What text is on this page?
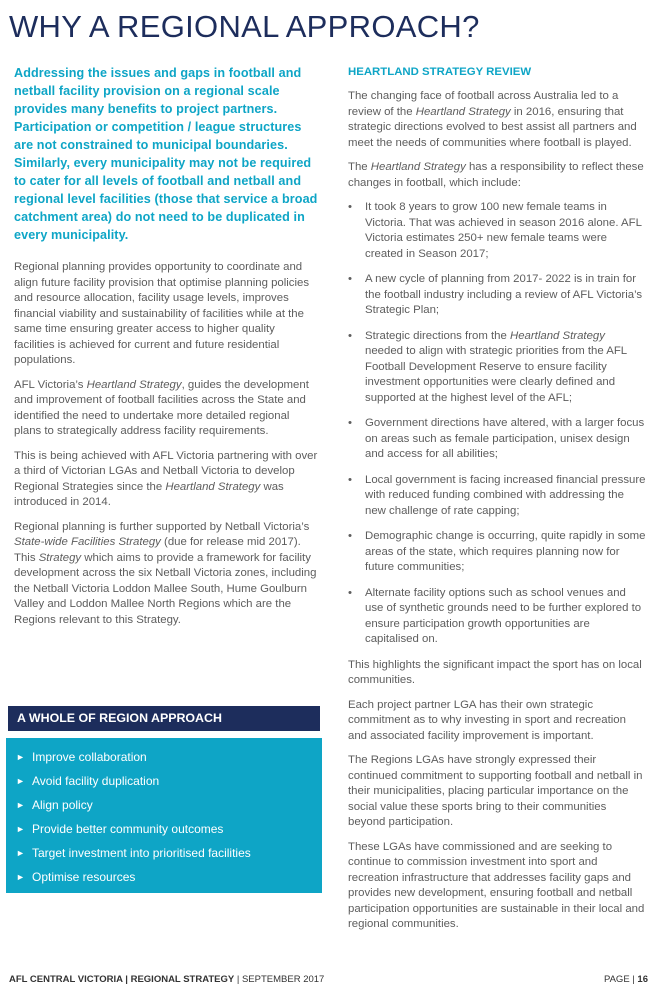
WHY A REGIONAL APPROACH?

Addressing the issues and gaps in football and netball facility provision on a regional scale provides many benefits to project partners. Participation or competition / league structures are not constrained to municipal boundaries. Similarly, every municipality may not be required to cater for all levels of football and netball and regional level facilities (those that service a broad catchment area) do not need to be duplicated in every municipality.

Regional planning provides opportunity to coordinate and align future facility provision that optimise planning policies and resource allocation, facility usage levels, improves financial viability and sustainability of facilities while at the same time ensuring greater access to higher quality facilities is achieved for current and future residential populations.

AFL Victoria’s Heartland Strategy, guides the development and improvement of football facilities across the State and identified the need to undertake more detailed regional plans to strategically address facility requirements.

This is being achieved with AFL Victoria partnering with over a third of Victorian LGAs and Netball Victoria to develop Regional Strategies since the Heartland Strategy was introduced in 2014.

Regional planning is further supported by Netball Victoria’s State-wide Facilities Strategy (due for release mid 2017). This Strategy which aims to provide a framework for facility development across the six Netball Victoria zones, including the Netball Victoria Loddon Mallee South, Hume Goulburn Valley and Loddon Mallee North Regions which are the Regions relevant to this Strategy.

A WHOLE OF REGION APPROACH
► Improve collaboration
► Avoid facility duplication
► Align policy
► Provide better community outcomes
► Target investment into prioritised facilities
► Optimise resources
HEARTLAND STRATEGY REVIEW

The changing face of football across Australia led to a review of the Heartland Strategy in 2016, ensuring that strategic directions evolved to best assist all partners and meet the needs of communities where football is played.

The Heartland Strategy has a responsibility to reflect these changes in football, which include:

• It took 8 years to grow 100 new female teams in Victoria. That was achieved in season 2016 alone. AFL Victoria estimates 250+ new female teams were created in Season 2017;
• A new cycle of planning from 2017- 2022 is in train for the football industry including a review of AFL Victoria’s Strategic Plan;
• Strategic directions from the Heartland Strategy needed to align with strategic priorities from the AFL Football Development Reserve to ensure facility investment opportunities were clearly defined and supported at the highest level of the AFL;
• Government directions have altered, with a larger focus on areas such as female participation, unisex design and access for all abilities;
• Local government is facing increased financial pressure with reduced funding combined with addressing the new challenge of rate capping;
• Demographic change is occurring, quite rapidly in some areas of the state, which requires planning now for future communities;
• Alternate facility options such as school venues and use of synthetic grounds need to be further explored to ensure participation growth opportunities are capitalised on.

This highlights the significant impact the sport has on local communities.

Each project partner LGA has their own strategic commitment as to why investing in sport and recreation and associated facility improvement is important.

The Regions LGAs have strongly expressed their continued commitment to supporting football and netball in their municipalities, placing particular importance on the social value these sports bring to their communities beyond participation.

These LGAs have commissioned and are seeking to continue to commission investment into sport and recreation infrastructure that addresses facility gaps and provides new development, ensuring football and netball participation opportunities are sustainable in their local and regional communities.

AFL CENTRAL VICTORIA | REGIONAL STRATEGY | SEPTEMBER 2017	PAGE | 16
